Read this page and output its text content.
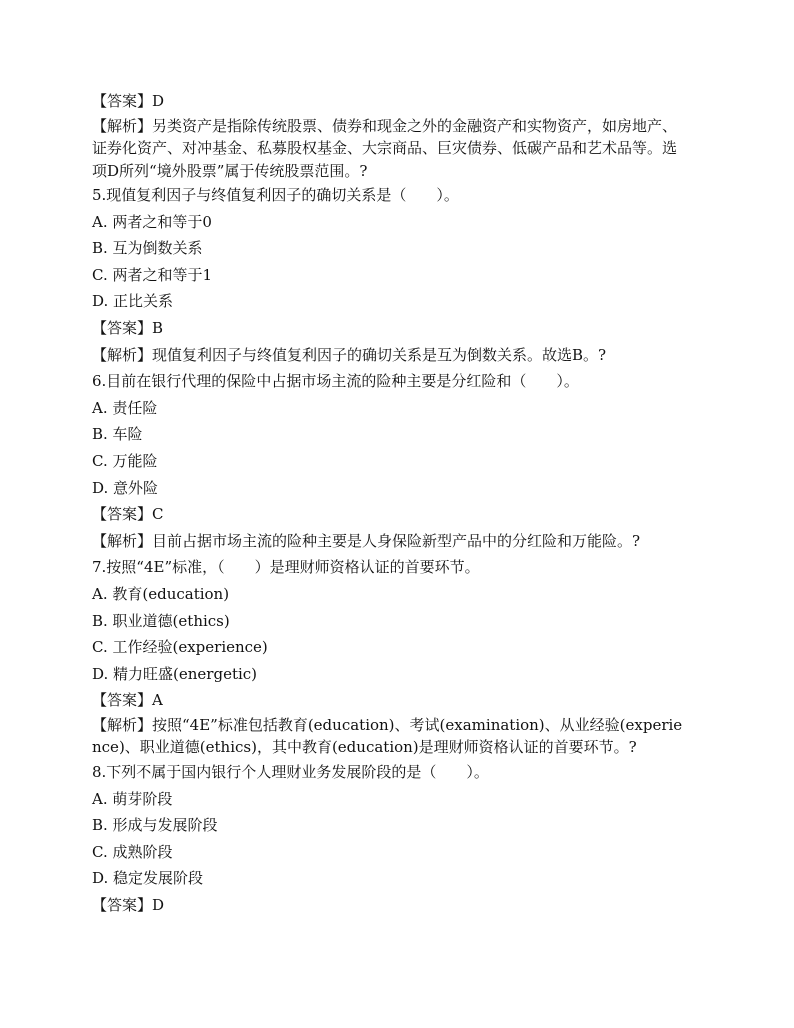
【答案】D
【解析】另类资产是指除传统股票、债券和现金之外的金融资产和实物资产，如房地产、
证券化资产、对冲基金、私募股权基金、大宗商品、巨灾债券、低碳产品和艺术品等。选
项D所列“境外股票”属于传统股票范围。?
5.现值复利因子与终值复利因子的确切关系是（　　）。
A. 两者之和等于0
B. 互为倒数关系
C. 两者之和等于1
D. 正比关系
【答案】B
【解析】现值复利因子与终值复利因子的确切关系是互为倒数关系。故选B。?
6.目前在银行代理的保险中占据市场主流的险种主要是分红险和（　　）。
A. 责任险
B. 车险
C. 万能险
D. 意外险
【答案】C
【解析】目前占据市场主流的险种主要是人身保险新型产品中的分红险和万能险。?
7.按照“4E”标准，（　　）是理财师资格认证的首要环节。
A. 教育(education)
B. 职业道德(ethics)
C. 工作经验(experience)
D. 精力旺盛(energetic)
【答案】A
【解析】按照“4E”标准包括教育(education)、考试(examination)、从业经验(experie
nce)、职业道德(ethics)，其中教育(education)是理财师资格认证的首要环节。?
8.下列不属于国内银行个人理财业务发展阶段的是（　　）。
A. 萌芽阶段
B. 形成与发展阶段
C. 成熟阶段
D. 稳定发展阶段
【答案】D
